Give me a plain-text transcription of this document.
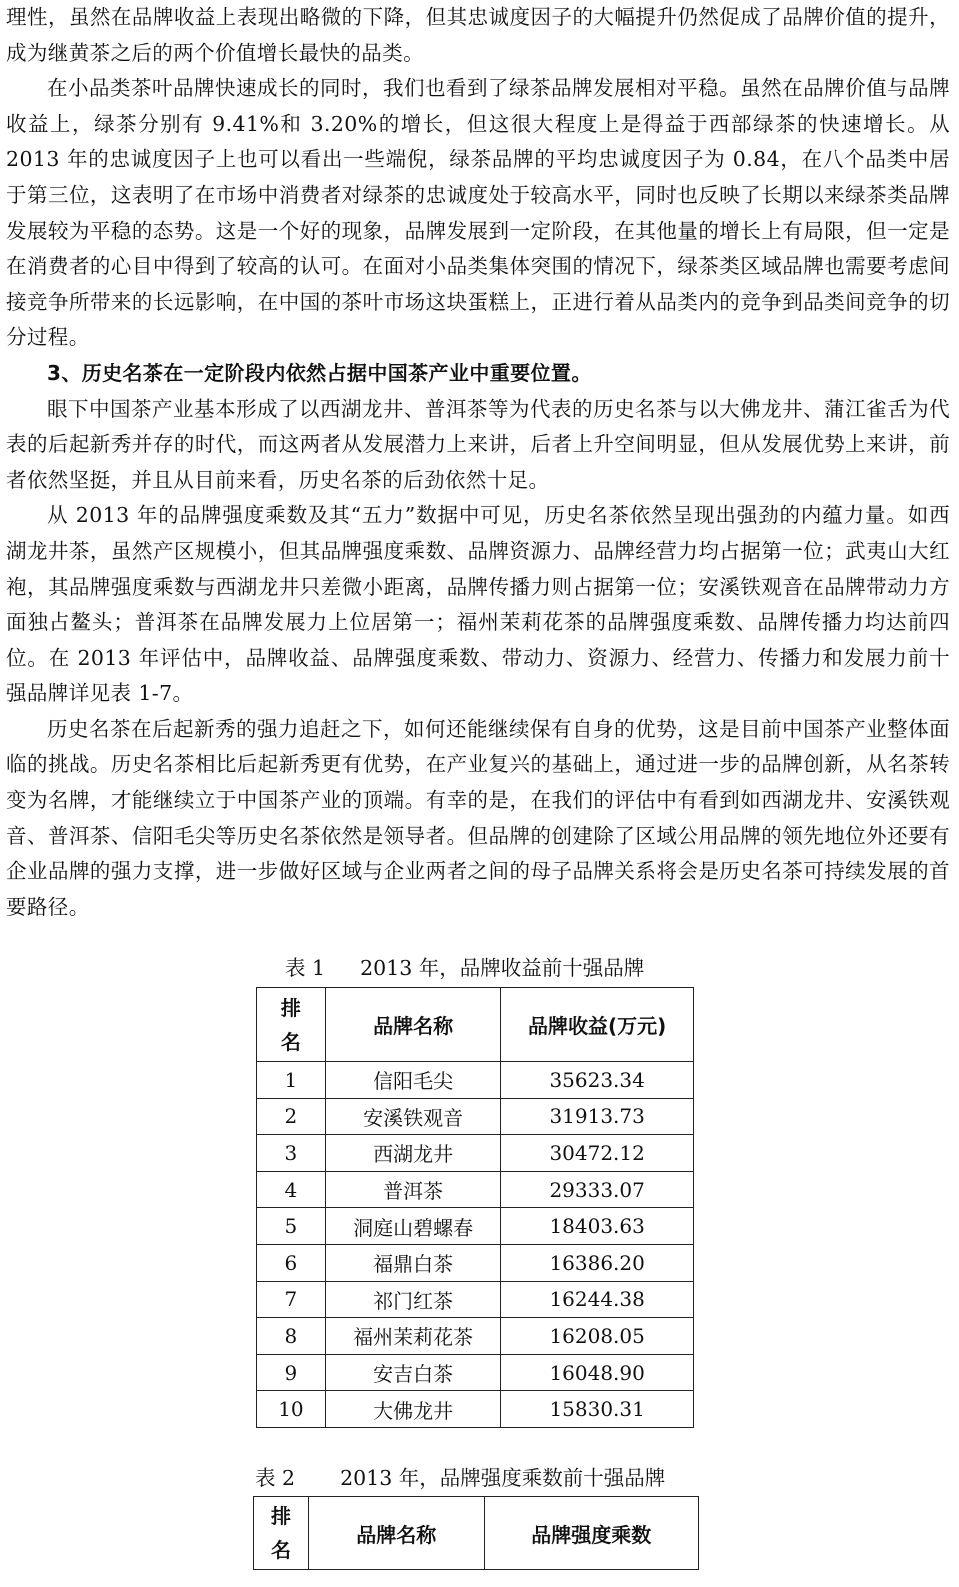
理性，虽然在品牌收益上表现出略微的下降，但其忠诚度因子的大幅提升仍然促成了品牌价值的提升，成为继黄茶之后的两个价值增长最快的品类。

在小品类茶叶品牌快速成长的同时，我们也看到了绿茶品牌发展相对平稳。虽然在品牌价值与品牌收益上，绿茶分别有 9.41%和 3.20%的增长，但这很大程度上是得益于西部绿茶的快速增长。从 2013 年的忠诚度因子上也可以看出一些端倪，绿茶品牌的平均忠诚度因子为 0.84，在八个品类中居于第三位，这表明了在市场中消费者对绿茶的忠诚度处于较高水平，同时也反映了长期以来绿茶类品牌发展较为平稳的态势。这是一个好的现象，品牌发展到一定阶段，在其他量的增长上有局限，但一定是在消费者的心目中得到了较高的认可。在面对小品类集体突围的情况下，绿茶类区域品牌也需要考虑间接竞争所带来的长远影响，在中国的茶叶市场这块蛋糕上，正进行着从品类内的竞争到品类间竞争的切分过程。

3、历史名茶在一定阶段内依然占据中国茶产业中重要位置。

眼下中国茶产业基本形成了以西湖龙井、普洱茶等为代表的历史名茶与以大佛龙井、蒲江雀舌为代表的后起新秀并存的时代，而这两者从发展潜力上来讲，后者上升空间明显，但从发展优势上来讲，前者依然坚挺，并且从目前来看，历史名茶的后劲依然十足。

从 2013 年的品牌强度乘数及其“五力”数据中可见，历史名茶依然呈现出强劲的内蕴力量。如西湖龙井茶，虽然产区规模小，但其品牌强度乘数、品牌资源力、品牌经营力均占据第一位；武夷山大红袍，其品牌强度乘数与西湖龙井只差微小距离，品牌传播力则占据第一位；安溪铁观音在品牌带动力方面独占鳌头；普洱茶在品牌发展力上位居第一；福州茉莉花茶的品牌强度乘数、品牌传播力均达前四位。在 2013 年评估中，品牌收益、品牌强度乘数、带动力、资源力、经营力、传播力和发展力前十强品牌详见表 1-7。

历史名茶在后起新秀的强力追赶之下，如何还能继续保有自身的优势，这是目前中国茶产业整体面临的挑战。历史名茶相比后起新秀更有优势，在产业复兴的基础上，通过进一步的品牌创新，从名茶转变为名牌，才能继续立于中国茶产业的顶端。有幸的是，在我们的评估中有看到如西湖龙井、安溪铁观音、普洱茶、信阳毛尖等历史名茶依然是领导者。但品牌的创建除了区域公用品牌的领先地位外还要有企业品牌的强力支撑，进一步做好区域与企业两者之间的母子品牌关系将会是历史名茶可持续发展的首要路径。

表 1 2013 年，品牌收益前十强品牌
排
名	品牌名称	品牌收益(万元)
1	信阳毛尖	35623.34
2	安溪铁观音	31913.73
3	西湖龙井	30472.12
4	普洱茶	29333.07
5	洞庭山碧螺春	18403.63
6	福鼎白茶	16386.20
7	祁门红茶	16244.38
8	福州茉莉花茶	16208.05
9	安吉白茶	16048.90
10	大佛龙井	15830.31
表 2 2013 年，品牌强度乘数前十强品牌
排
名	品牌名称	品牌强度乘数
